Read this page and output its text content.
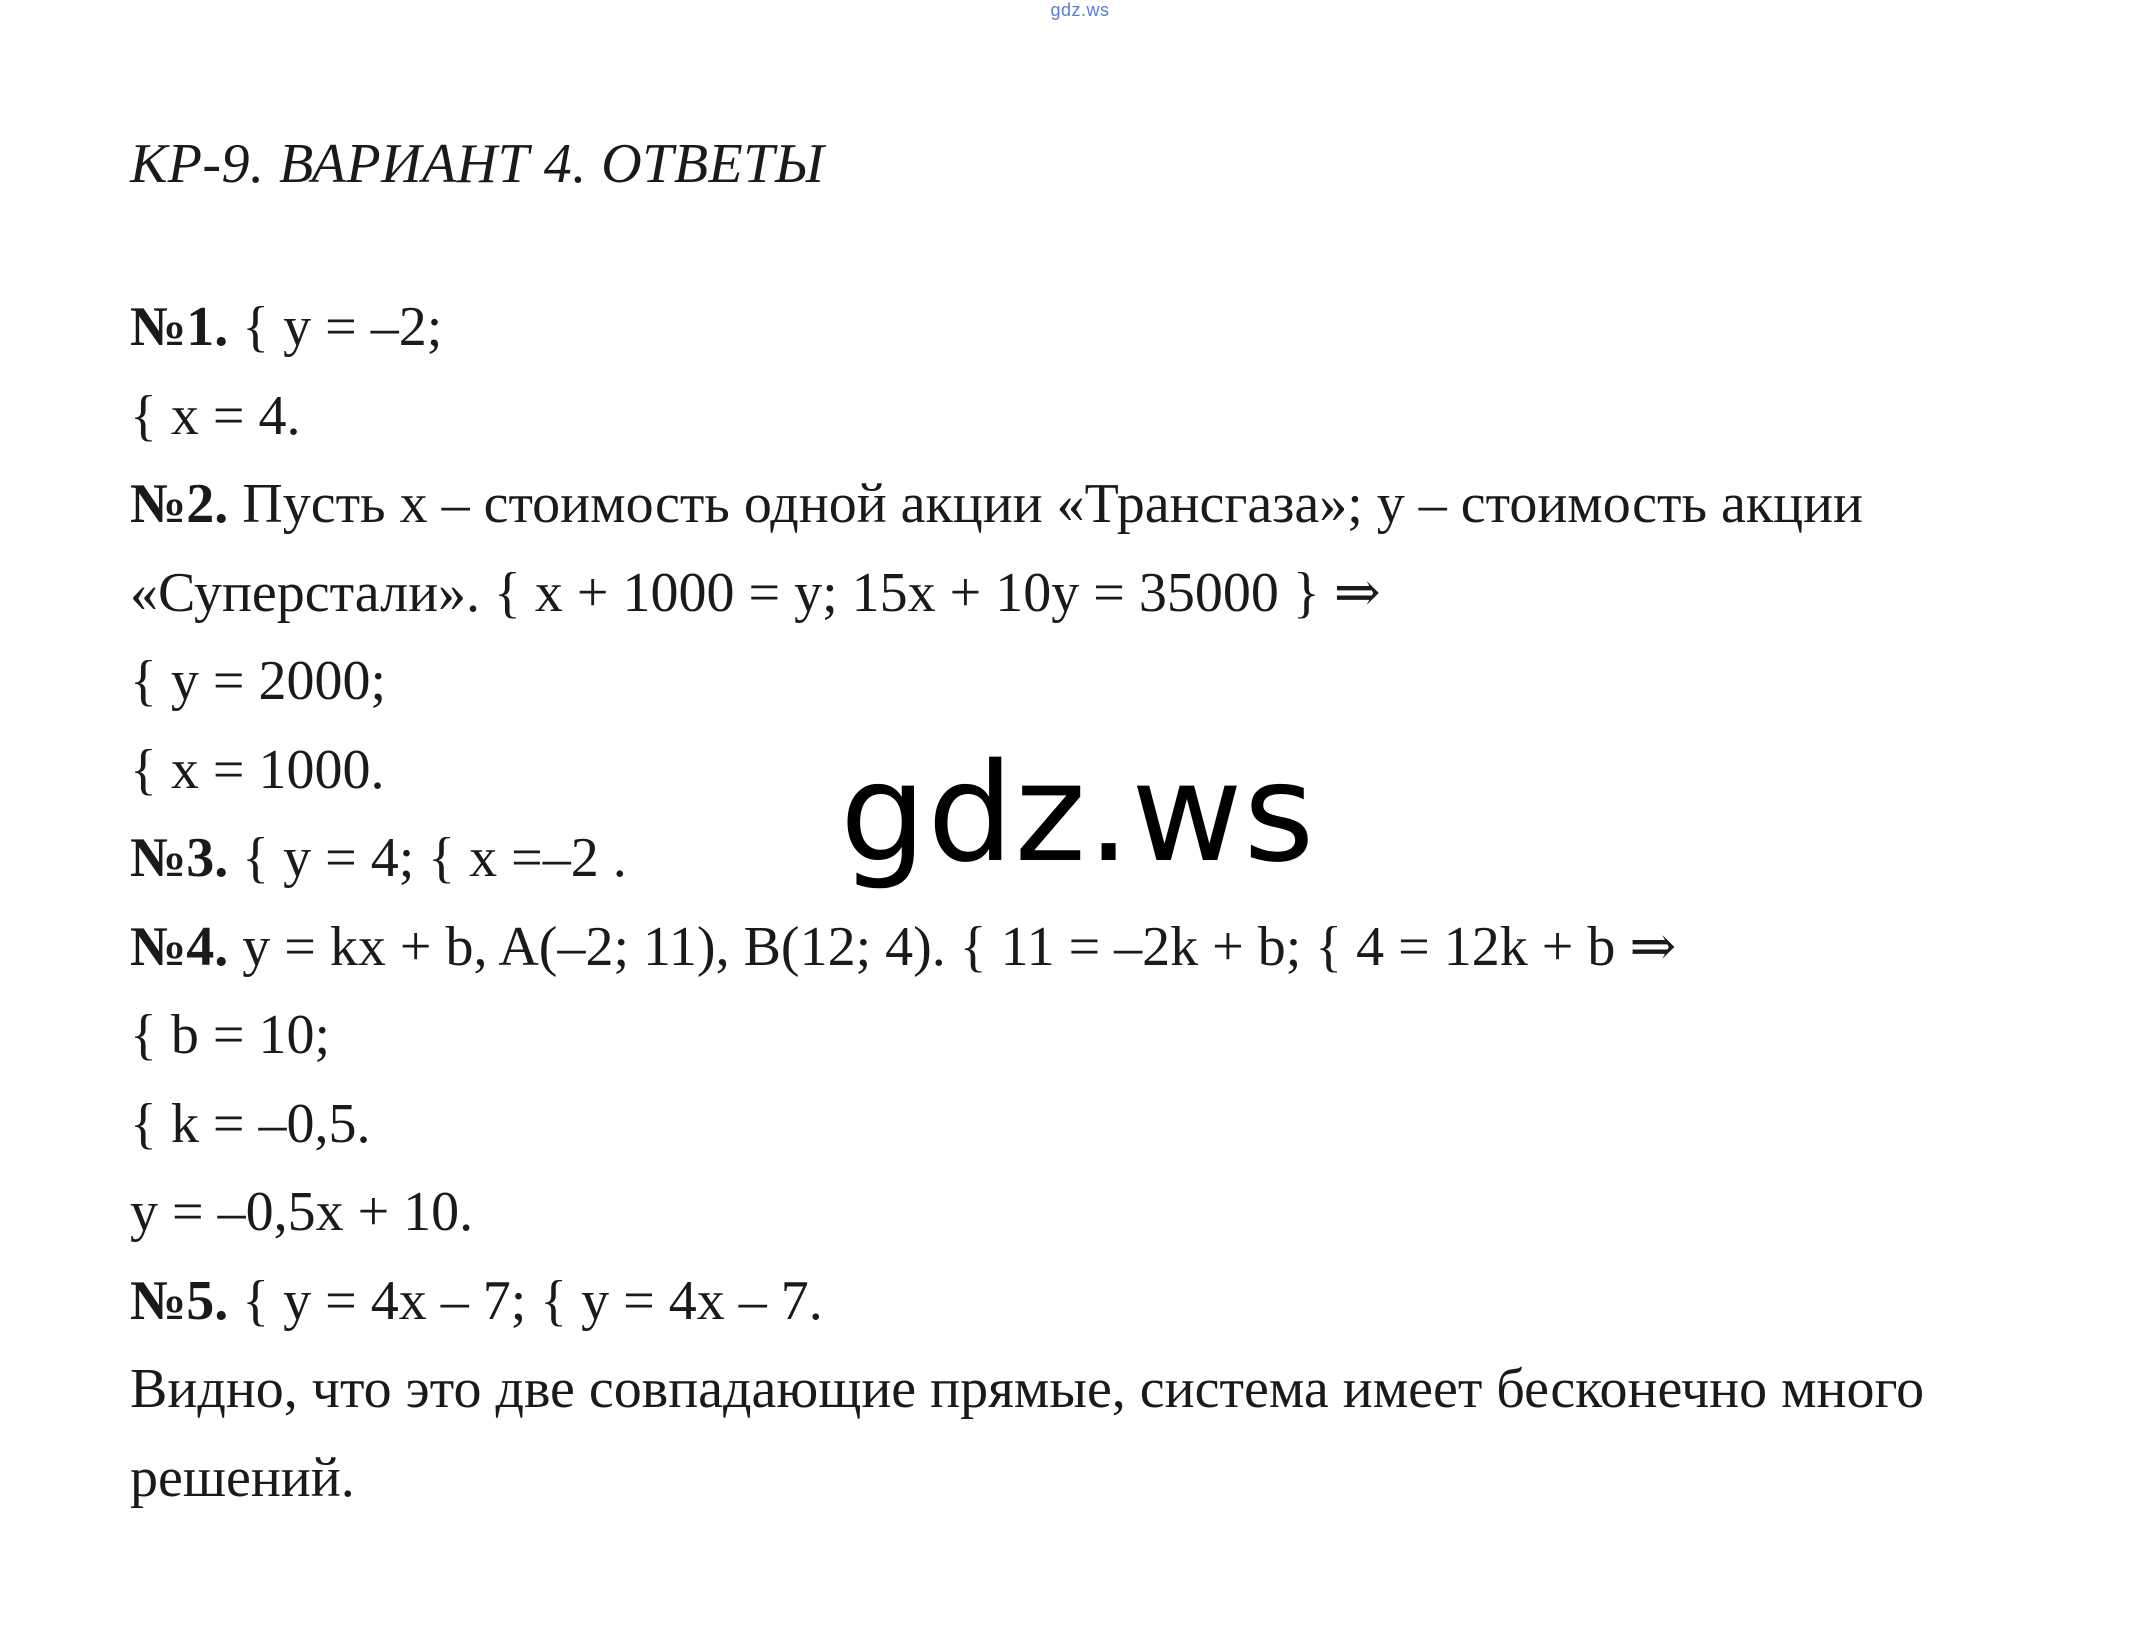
gdz.ws
КР-9. ВАРИАНТ 4. ОТВЕТЫ
№1. { y = –2;
{ x = 4.
№2. Пусть x – стоимость одной акции «Трансгаза»; y – стоимость акции
«Суперстали». { x + 1000 = y; 15x + 10y = 35000 } ⇒
{ y = 2000;
{ x = 1000.
№3. { y = 4; { x =–2 .
№4. y = kx + b, A(–2; 11), B(12; 4). { 11 = –2k + b; { 4 = 12k + b ⇒
{ b = 10;
{ k = –0,5.
y = –0,5x + 10.
№5. { y = 4x – 7; { y = 4x – 7.
Видно, что это две совпадающие прямые, система имеет бесконечно много
решений.
gdz.ws
